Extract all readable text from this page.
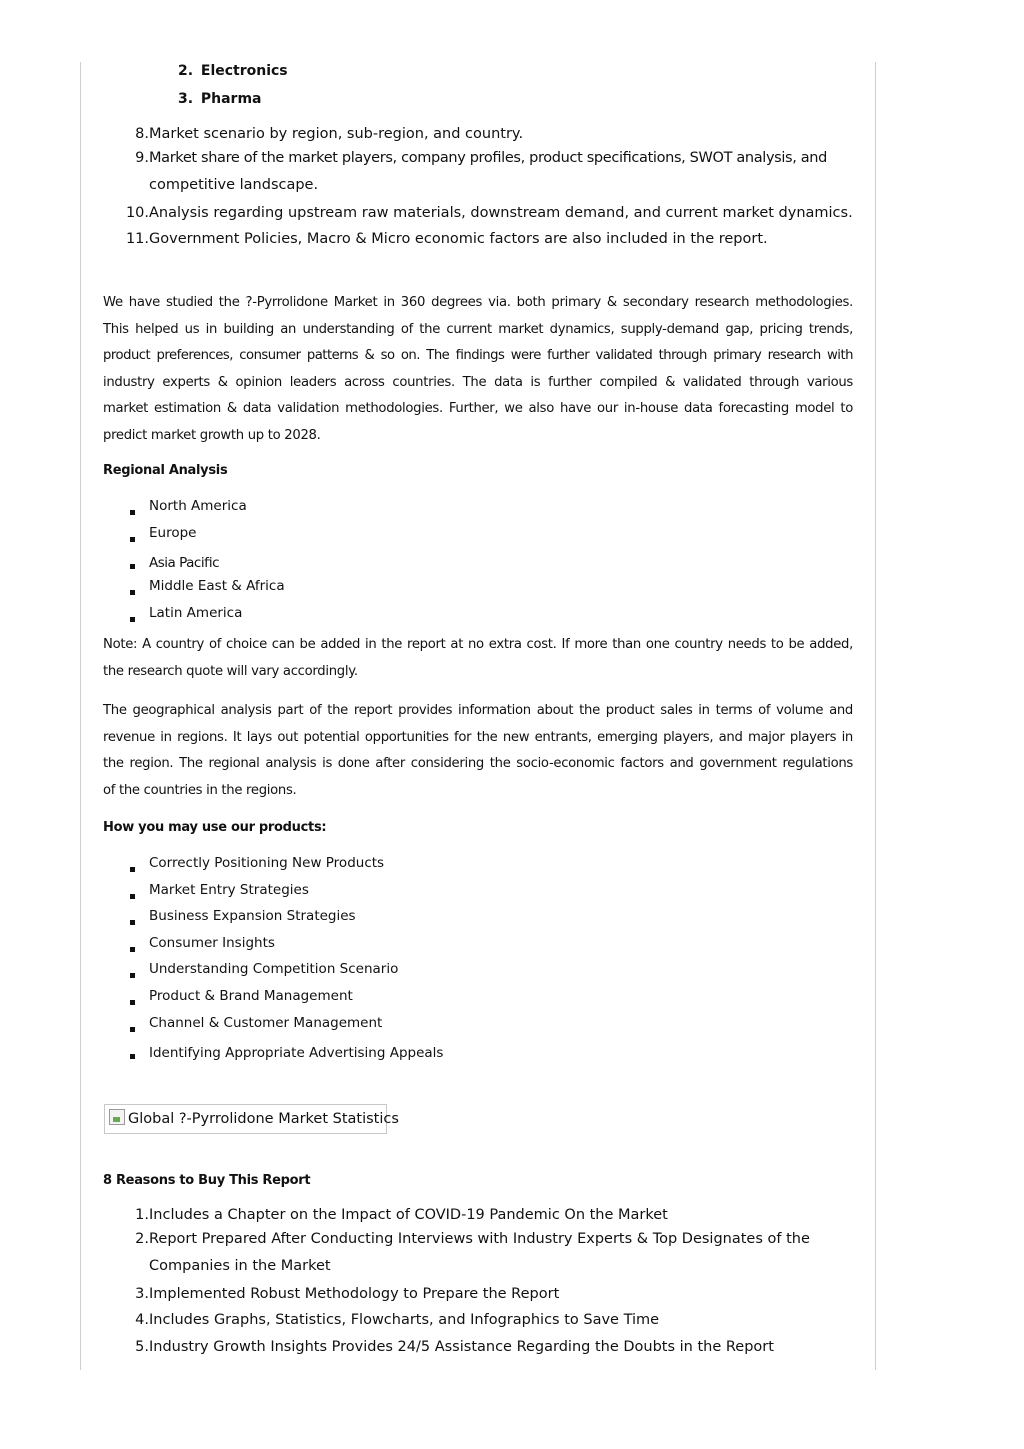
2. Electronics
3. Pharma
8. Market scenario by region, sub-region, and country.
9. Market share of the market players, company proﬁles, product speciﬁcations, SWOT analysis, and
competitive landscape.
10. Analysis regarding upstream raw materials, downstream demand, and current market dynamics.
11. Government Policies, Macro & Micro economic factors are also included in the report.
We have studied the ?-Pyrrolidone Market in 360 degrees via. both primary & secondary research methodologies.
This helped us in building an understanding of the current market dynamics, supply-demand gap, pricing trends,
product preferences, consumer patterns & so on. The ﬁndings were further validated through primary research with
industry experts & opinion leaders across countries. The data is further compiled & validated through various
market estimation & data validation methodologies. Further, we also have our in-house data forecasting model to
predict market growth up to 2028.
Regional Analysis
North America
Europe
Asia Paciﬁc
Middle East & Africa
Latin America
Note: A country of choice can be added in the report at no extra cost. If more than one country needs to be added,
the research quote will vary accordingly.
The geographical analysis part of the report provides information about the product sales in terms of volume and
revenue in regions. It lays out potential opportunities for the new entrants, emerging players, and major players in
the region. The regional analysis is done after considering the socio-economic factors and government regulations
of the countries in the regions.
How you may use our products:
Correctly Positioning New Products
Market Entry Strategies
Business Expansion Strategies
Consumer Insights
Understanding Competition Scenario
Product & Brand Management
Channel & Customer Management
Identifying Appropriate Advertising Appeals
Global ?-Pyrrolidone Market Statistics
8 Reasons to Buy This Report
1. Includes a Chapter on the Impact of COVID-19 Pandemic On the Market
2. Report Prepared After Conducting Interviews with Industry Experts & Top Designates of the
Companies in the Market
3. Implemented Robust Methodology to Prepare the Report
4. Includes Graphs, Statistics, Flowcharts, and Infographics to Save Time
5. Industry Growth Insights Provides 24/5 Assistance Regarding the Doubts in the Report
